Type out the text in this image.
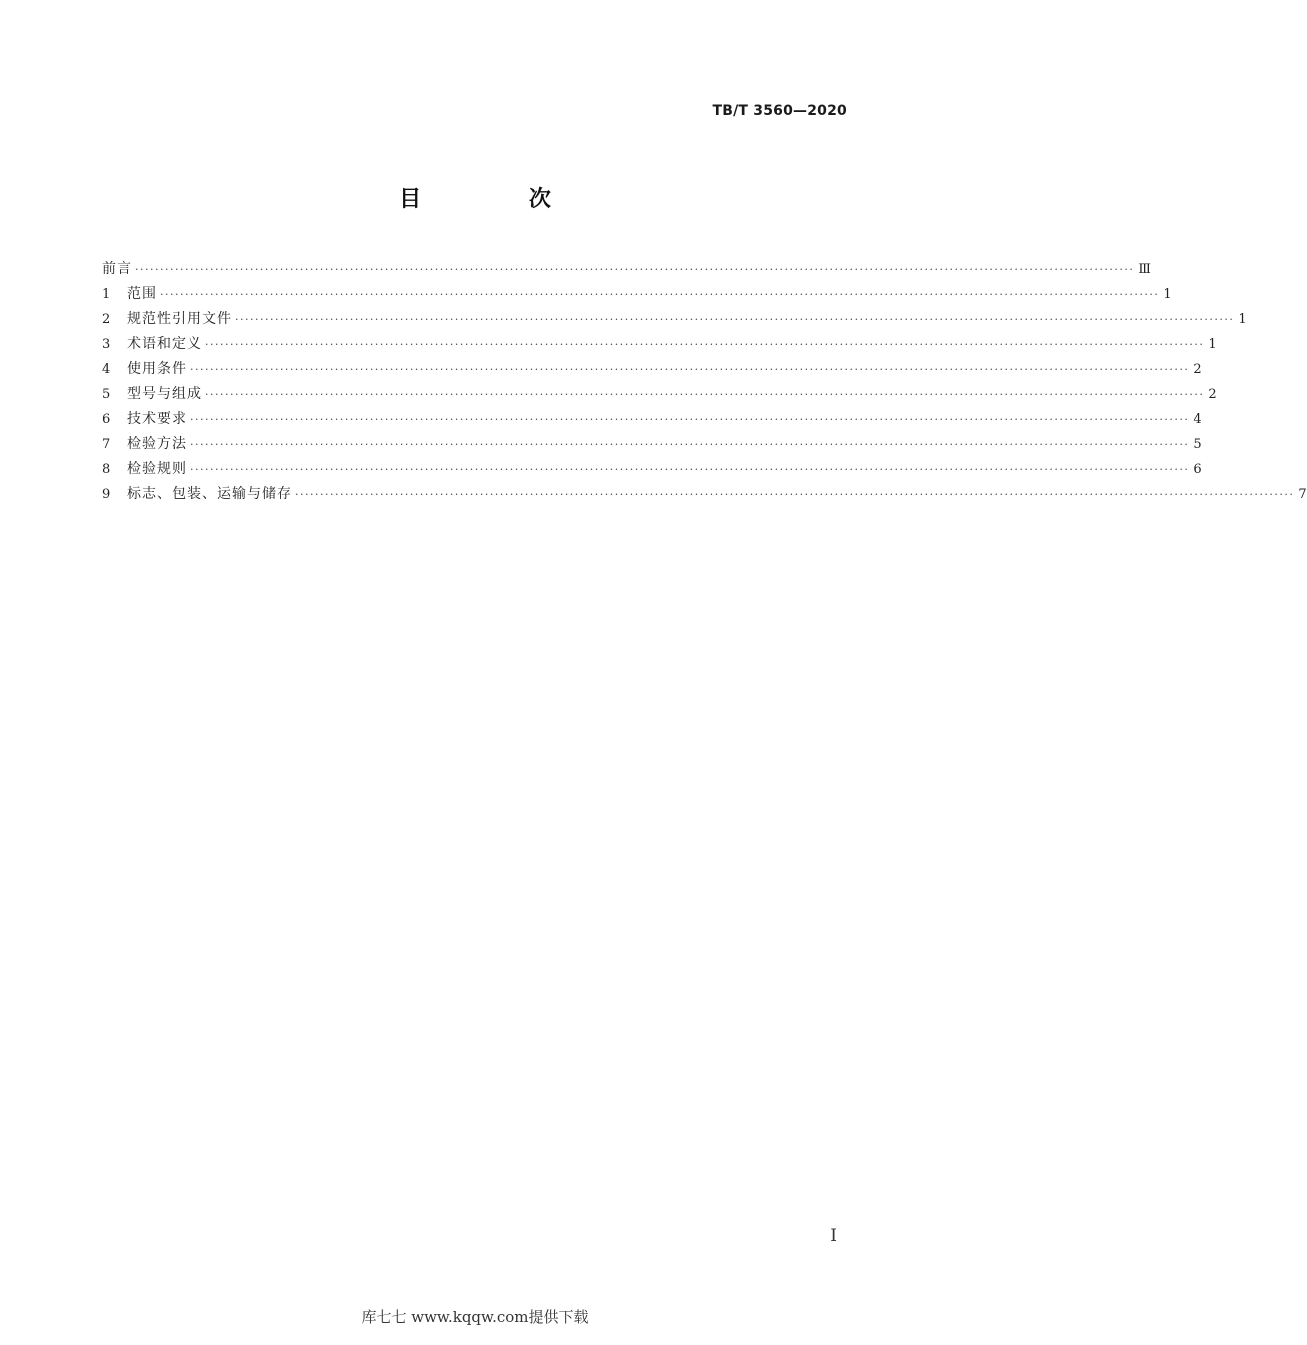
TB/T 3560—2020
目 次
前言 ········································································································································································································ Ⅲ
1	范围 ········································································································································································································ 1
2	规范性引用文件 ········································································································································································································ 1
3	术语和定义 ········································································································································································································ 1
4	使用条件 ········································································································································································································ 2
5	型号与组成 ········································································································································································································ 2
6	技术要求 ········································································································································································································ 4
7	检验方法 ········································································································································································································ 5
8	检验规则 ········································································································································································································ 6
9	标志、包装、运输与储存 ········································································································································································································ 7
I
库七七 www.kqqw.com提供下载
